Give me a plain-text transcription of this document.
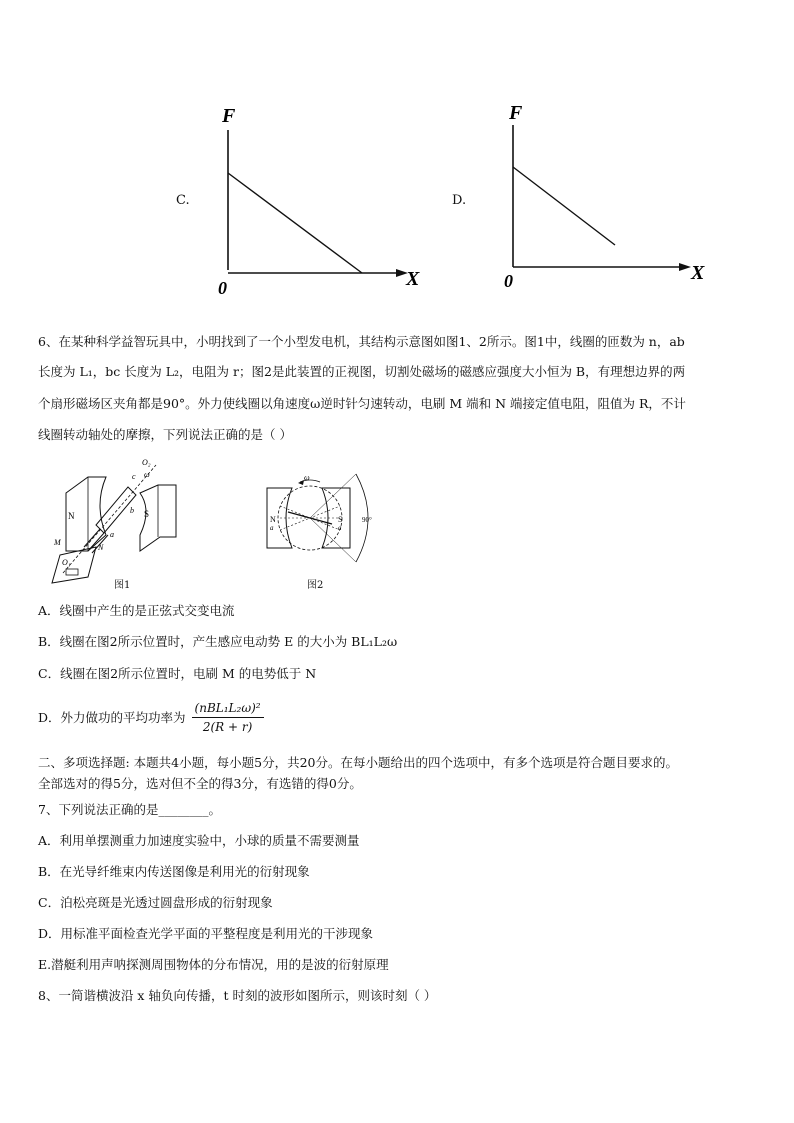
C.
F
X
0
D.
F
X
0
6、在某种科学益智玩具中，小明找到了一个小型发电机，其结构示意图如图1、2所示。图1中，线圈的匝数为 n，ab
长度为 L₁，bc 长度为 L₂，电阻为 r；图2是此装置的正视图，切割处磁场的磁感应强度大小恒为 B，有理想边界的两
个扇形磁场区夹角都是90°。外力使线圈以角速度ω逆时针匀速转动，电刷 M 端和 N 端接定值电阻，阻值为 R，不计
线圈转动轴处的摩擦，下列说法正确的是（ ）
N	S
c
O₂
ω
b
a
M
N
O₁
图1
N
a
S
a
ω
90°
图2
A．线圈中产生的是正弦式交变电流
B．线圈在图2所示位置时，产生感应电动势 E 的大小为 BL₁L₂ω
C．线圈在图2所示位置时，电刷 M 的电势低于 N
D．外力做功的平均功率为 $\frac{\text{(nBL₁L₂ω)²}}{2(R + r)}$
二、多项选择题: 本题共4小题，每小题5分，共20分。在每小题给出的四个选项中，有多个选项是符合题目要求的。
全部选对的得5分，选对但不全的得3分，有选错的得0分。
7、下列说法正确的是________。
A．利用单摆测重力加速度实验中，小球的质量不需要测量
B．在光导纤维束内传送图像是利用光的衍射现象
C．泊松亮斑是光透过圆盘形成的衍射现象
D．用标准平面检查光学平面的平整程度是利用光的干涉现象
E.潜艇利用声呐探测周围物体的分布情况，用的是波的衍射原理
8、一简谐横波沿 x 轴负向传播，t 时刻的波形如图所示，则该时刻（ ）
